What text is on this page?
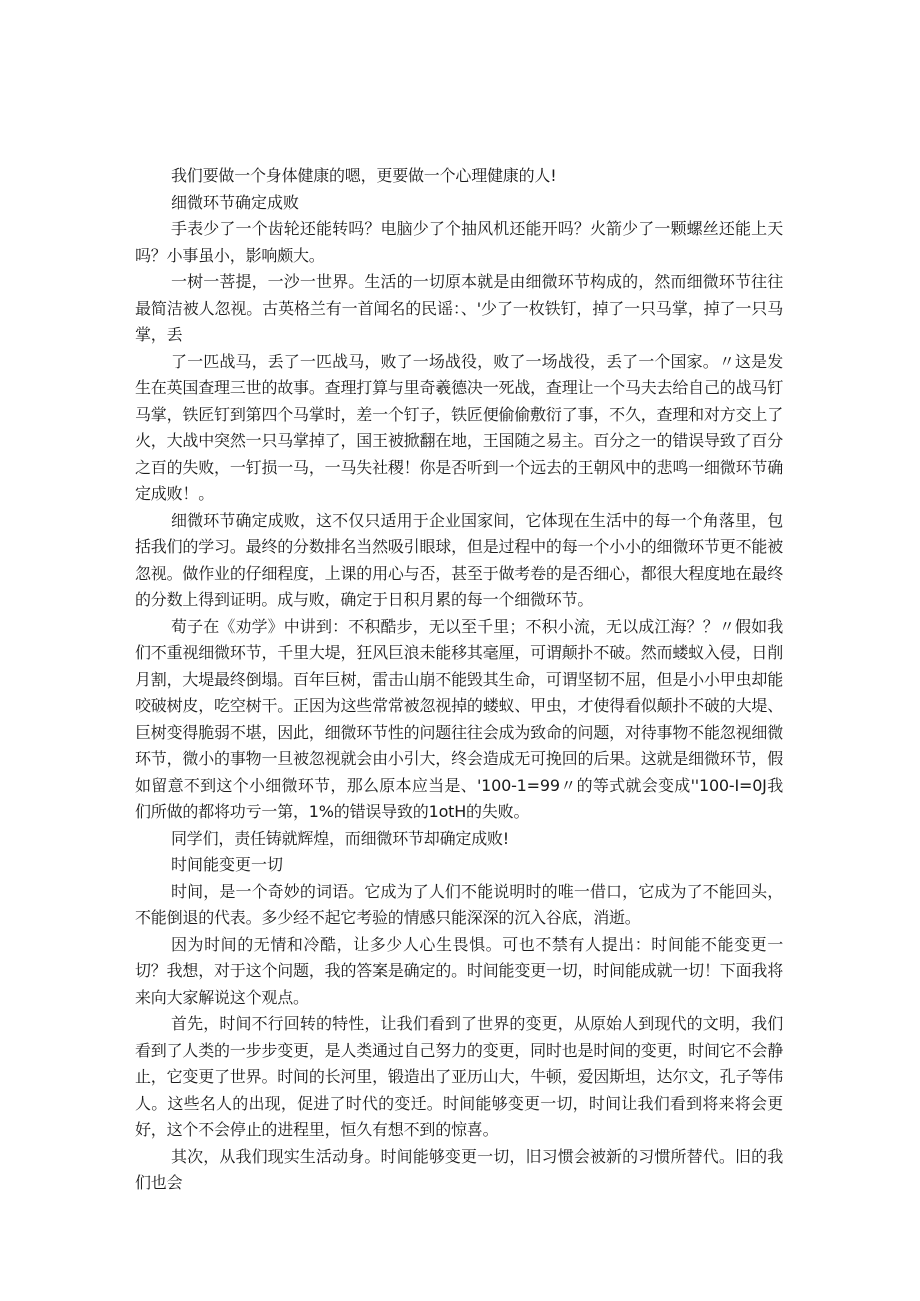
我们要做一个身体健康的嗯，更要做一个心理健康的人!

细微环节确定成败

手表少了一个齿轮还能转吗？电脑少了个抽风机还能开吗？火箭少了一颗螺丝还能上天吗？小事虽小，影响颇大。

一树一菩提，一沙一世界。生活的一切原本就是由细微环节构成的，然而细微环节往往最简洁被人忽视。古英格兰有一首闻名的民谣：、'少了一枚铁钉，掉了一只马掌，掉了一只马掌，丢

了一匹战马，丢了一匹战马，败了一场战役，败了一场战役，丢了一个国家。〃这是发生在英国查理三世的故事。查理打算与里奇羲德决一死战，查理让一个马夫去给自己的战马钉马掌，铁匠钉到第四个马掌时，差一个钉子，铁匠便偷偷敷衍了事，不久，查理和对方交上了火，大战中突然一只马掌掉了，国王被掀翻在地，王国随之易主。百分之一的错误导致了百分之百的失败，一钉损一马，一马失社稷！你是否听到一个远去的王朝风中的悲鸣一细微环节确定成败！。

细微环节确定成败，这不仅只适用于企业国家间，它体现在生活中的每一个角落里，包括我们的学习。最终的分数排名当然吸引眼球，但是过程中的每一个小小的细微环节更不能被忽视。做作业的仔细程度，上课的用心与否，甚至于做考卷的是否细心，都很大程度地在最终的分数上得到证明。成与败，确定于日积月累的每一个细微环节。

荀子在《劝学》中讲到：不积酷步，无以至千里；不积小流，无以成江海？？〃假如我们不重视细微环节，千里大堤，狂风巨浪未能移其毫厘，可谓颠扑不破。然而蝼蚁入侵，日削月割，大堤最终倒塌。百年巨树，雷击山崩不能毁其生命，可谓坚韧不屈，但是小小甲虫却能咬破树皮，吃空树干。正因为这些常常被忽视掉的蝼蚁、甲虫，才使得看似颠扑不破的大堤、巨树变得脆弱不堪，因此，细微环节性的问题往往会成为致命的问题，对待事物不能忽视细微环节，微小的事物一旦被忽视就会由小引大，终会造成无可挽回的后果。这就是细微环节，假如留意不到这个小细微环节，那么原本应当是、'100-1=99〃的等式就会变成''100-I=0J我们所做的都将功亏一第，1%的错误导致的1otH的失败。

同学们，责任铸就辉煌，而细微环节却确定成败!

时间能变更一切

时间，是一个奇妙的词语。它成为了人们不能说明时的唯一借口，它成为了不能回头，不能倒退的代表。多少经不起它考验的情感只能深深的沉入谷底，消逝。

因为时间的无情和冷酷，让多少人心生畏惧。可也不禁有人提出：时间能不能变更一切？我想，对于这个问题，我的答案是确定的。时间能变更一切，时间能成就一切！下面我将来向大家解说这个观点。

首先，时间不行回转的特性，让我们看到了世界的变更，从原始人到现代的文明，我们看到了人类的一步步变更，是人类通过自己努力的变更，同时也是时间的变更，时间它不会静止，它变更了世界。时间的长河里，锻造出了亚历山大，牛顿，爱因斯坦，达尔文，孔子等伟人。这些名人的出现，促进了时代的变迁。时间能够变更一切，时间让我们看到将来将会更好，这个不会停止的进程里，恒久有想不到的惊喜。

其次，从我们现实生活动身。时间能够变更一切，旧习惯会被新的习惯所替代。旧的我们也会
